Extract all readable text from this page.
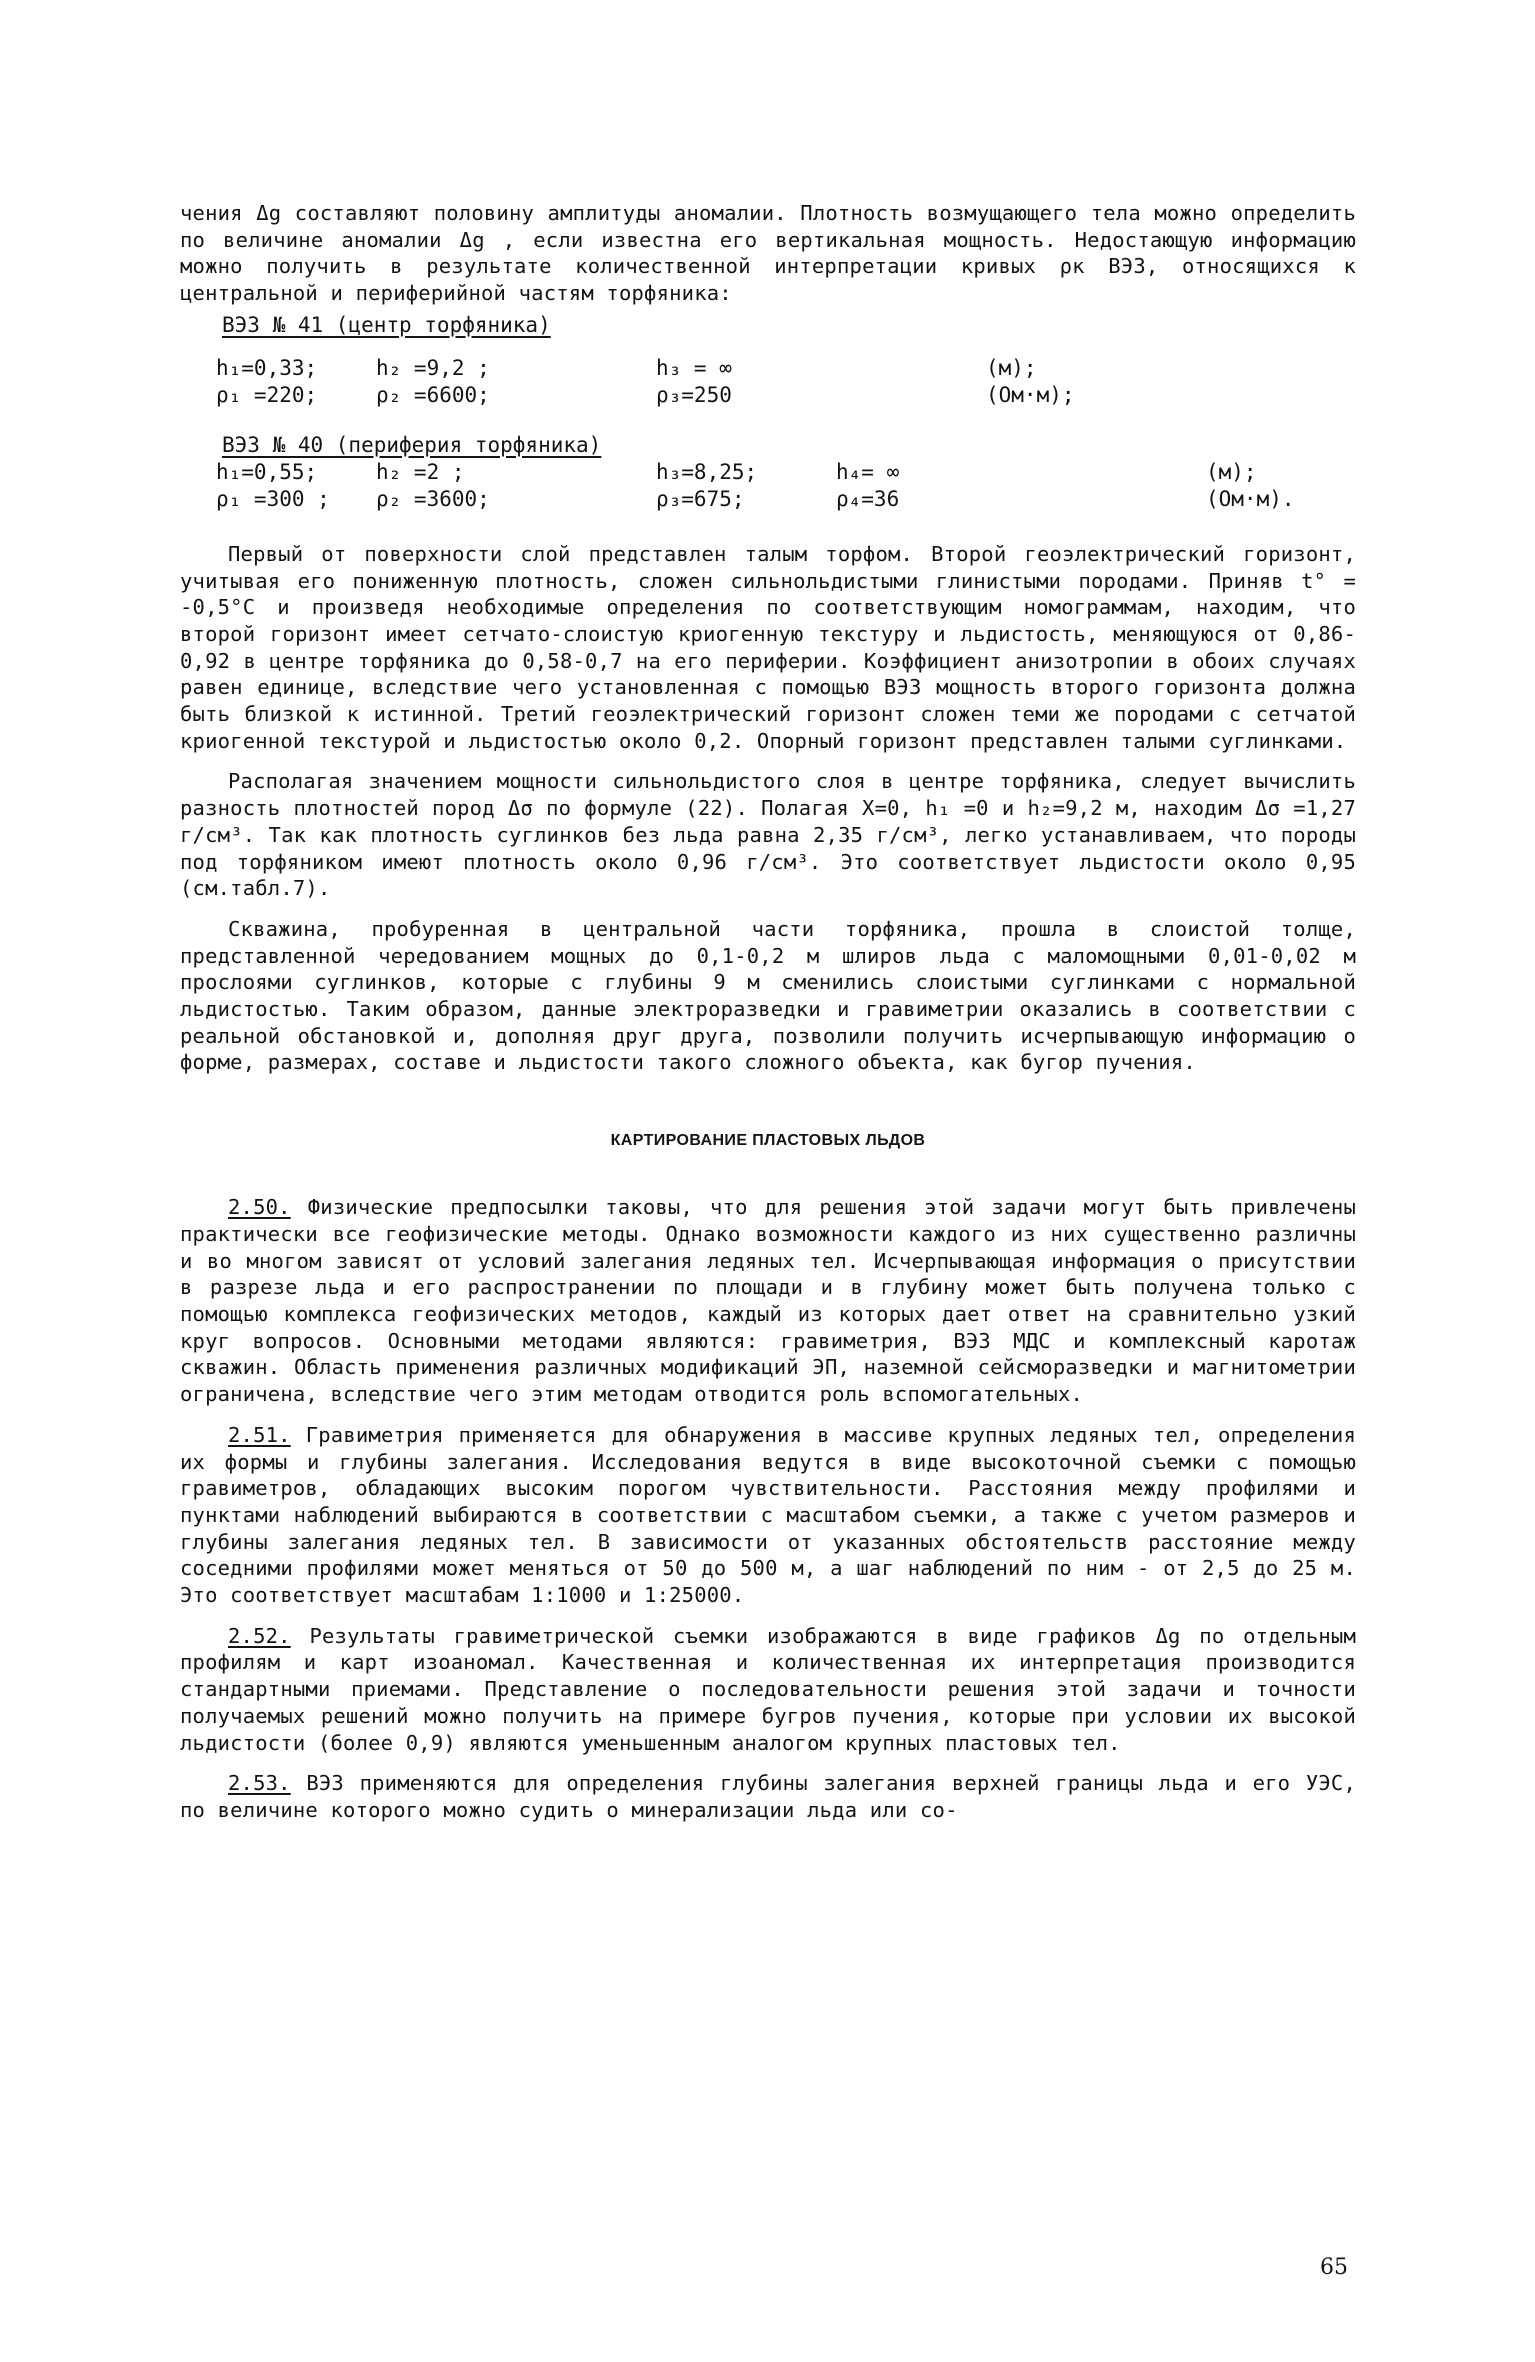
чения Δg составляют половину амплитуды аномалии. Плотность возмущающего тела можно определить по величине аномалии Δg , если известна его вертикальная мощность. Недостающую информацию можно получить в результате количественной интерпретации кривых ρк ВЭЗ, относящихся к центральной и периферийной частям торфяника:

ВЭЗ № 41 (центр торфяника)
h₁=0,33;	h₂ =9,2 ;	h₃ = ∞	(м);
ρ₁ =220;	ρ₂ =6600;	ρ₃=250	(Ом·м);
ВЭЗ № 40 (периферия торфяника)
h₁=0,55;	h₂ =2 ;	h₃=8,25;	h₄= ∞	(м);
ρ₁ =300 ;	ρ₂ =3600;	ρ₃=675;	ρ₄=36	(Ом·м).

Первый от поверхности слой представлен талым торфом. Второй геоэлектрический горизонт, учитывая его пониженную плотность, сложен сильнольдистыми глинистыми породами. Приняв t° = -0,5°С и произведя необходимые определения по соответствующим номограммам, находим, что второй горизонт имеет сетчато-слоистую криогенную текстуру и льдистость, меняющуюся от 0,86-0,92 в центре торфяника до 0,58-0,7 на его периферии. Коэффициент анизотропии в обоих случаях равен единице, вследствие чего установленная с помощью ВЭЗ мощность второго горизонта должна быть близкой к истинной. Третий геоэлектрический горизонт сложен теми же породами с сетчатой криогенной текстурой и льдистостью около 0,2. Опорный горизонт представлен талыми суглинками.

Располагая значением мощности сильнольдистого слоя в центре торфяника, следует вычислить разность плотностей пород Δσ по формуле (22). Полагая X=0, h₁ =0 и h₂=9,2 м, находим Δσ =1,27 г/см³. Так как плотность суглинков без льда равна 2,35 г/см³, легко устанавливаем, что породы под торфяником имеют плотность около 0,96 г/см³. Это соответствует льдистости около 0,95 (см.табл.7).

Скважина, пробуренная в центральной части торфяника, прошла в слоистой толще, представленной чередованием мощных до 0,1-0,2 м шлиров льда с маломощными 0,01-0,02 м прослоями суглинков, которые с глубины 9 м сменились слоистыми суглинками с нормальной льдистостью. Таким образом, данные электроразведки и гравиметрии оказались в соответствии с реальной обстановкой и, дополняя друг друга, позволили получить исчерпывающую информацию о форме, размерах, составе и льдистости такого сложного объекта, как бугор пучения.

КАРТИРОВАНИЕ ПЛАСТОВЫХ ЛЬДОВ

2.50. Физические предпосылки таковы, что для решения этой задачи могут быть привлечены практически все геофизические методы. Однако возможности каждого из них существенно различны и во многом зависят от условий залегания ледяных тел. Исчерпывающая информация о присутствии в разрезе льда и его распространении по площади и в глубину может быть получена только с помощью комплекса геофизических методов, каждый из которых дает ответ на сравнительно узкий круг вопросов. Основными методами являются: гравиметрия, ВЭЗ МДС и комплексный каротаж скважин. Область применения различных модификаций ЭП, наземной сейсморазведки и магнитометрии ограничена, вследствие чего этим методам отводится роль вспомогательных.

2.51. Гравиметрия применяется для обнаружения в массиве крупных ледяных тел, определения их формы и глубины залегания. Исследования ведутся в виде высокоточной съемки с помощью гравиметров, обладающих высоким порогом чувствительности. Расстояния между профилями и пунктами наблюдений выбираются в соответствии с масштабом съемки, а также с учетом размеров и глубины залегания ледяных тел. В зависимости от указанных обстоятельств расстояние между соседними профилями может меняться от 50 до 500 м, а шаг наблюдений по ним - от 2,5 до 25 м. Это соответствует масштабам 1:1000 и 1:25000.

2.52. Результаты гравиметрической съемки изображаются в виде графиков Δg по отдельным профилям и карт изоаномал. Качественная и количественная их интерпретация производится стандартными приемами. Представление о последовательности решения этой задачи и точности получаемых решений можно получить на примере бугров пучения, которые при условии их высокой льдистости (более 0,9) являются уменьшенным аналогом крупных пластовых тел.

2.53. ВЭЗ применяются для определения глубины залегания верхней границы льда и его УЭС, по величине которого можно судить о минерализации льда или со-

65
